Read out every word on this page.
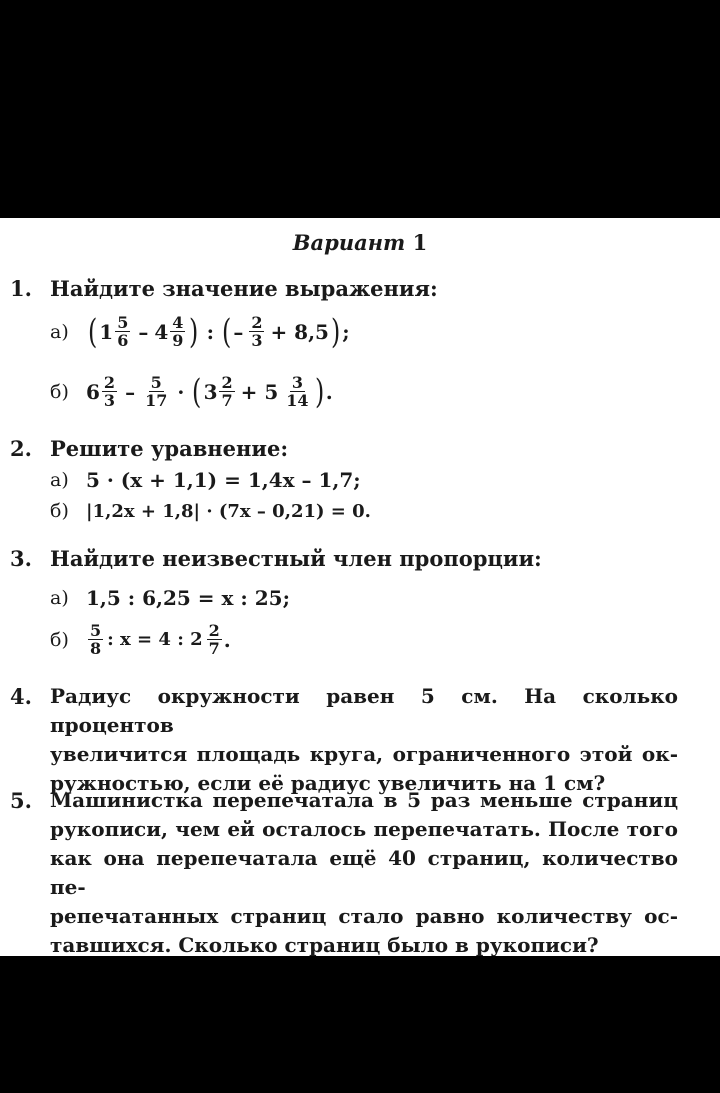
Вариант 1
1. Найдите значение выражения:
а) ( $1 \frac{5}{6} - 4 \frac{4}{9}$ ) : ( – $\frac{2}{3} + 8,5$ ) ;
б) $6 \frac{2}{3} - \frac{5}{17}$ · ( $3 \frac{2}{7} + 5 \frac{3}{14}$ ) .
2. Решите уравнение:
а) 5 · (x + 1,1) = 1,4x – 1,7;
б) |1,2x + 1,8| · (7x – 0,21) = 0.
3. Найдите неизвестный член пропорции:
а) 1,5 : 6,25 = x : 25;
б)	$\frac{5}{8}$ : x = 4 : $2 \frac{2}{7}$ .
4. Радиус окружности равен 5 см. На сколько процентов
увеличится площадь круга, ограниченного этой ок-
ружностью, если её радиус увеличить на 1 см?
5. Машинистка перепечатала в 5 раз меньше страниц
рукописи, чем ей осталось перепечатать. После того
как она перепечатала ещё 40 страниц, количество пе-
репечатанных страниц стало равно количеству ос-
тавшихся. Сколько страниц было в рукописи?
